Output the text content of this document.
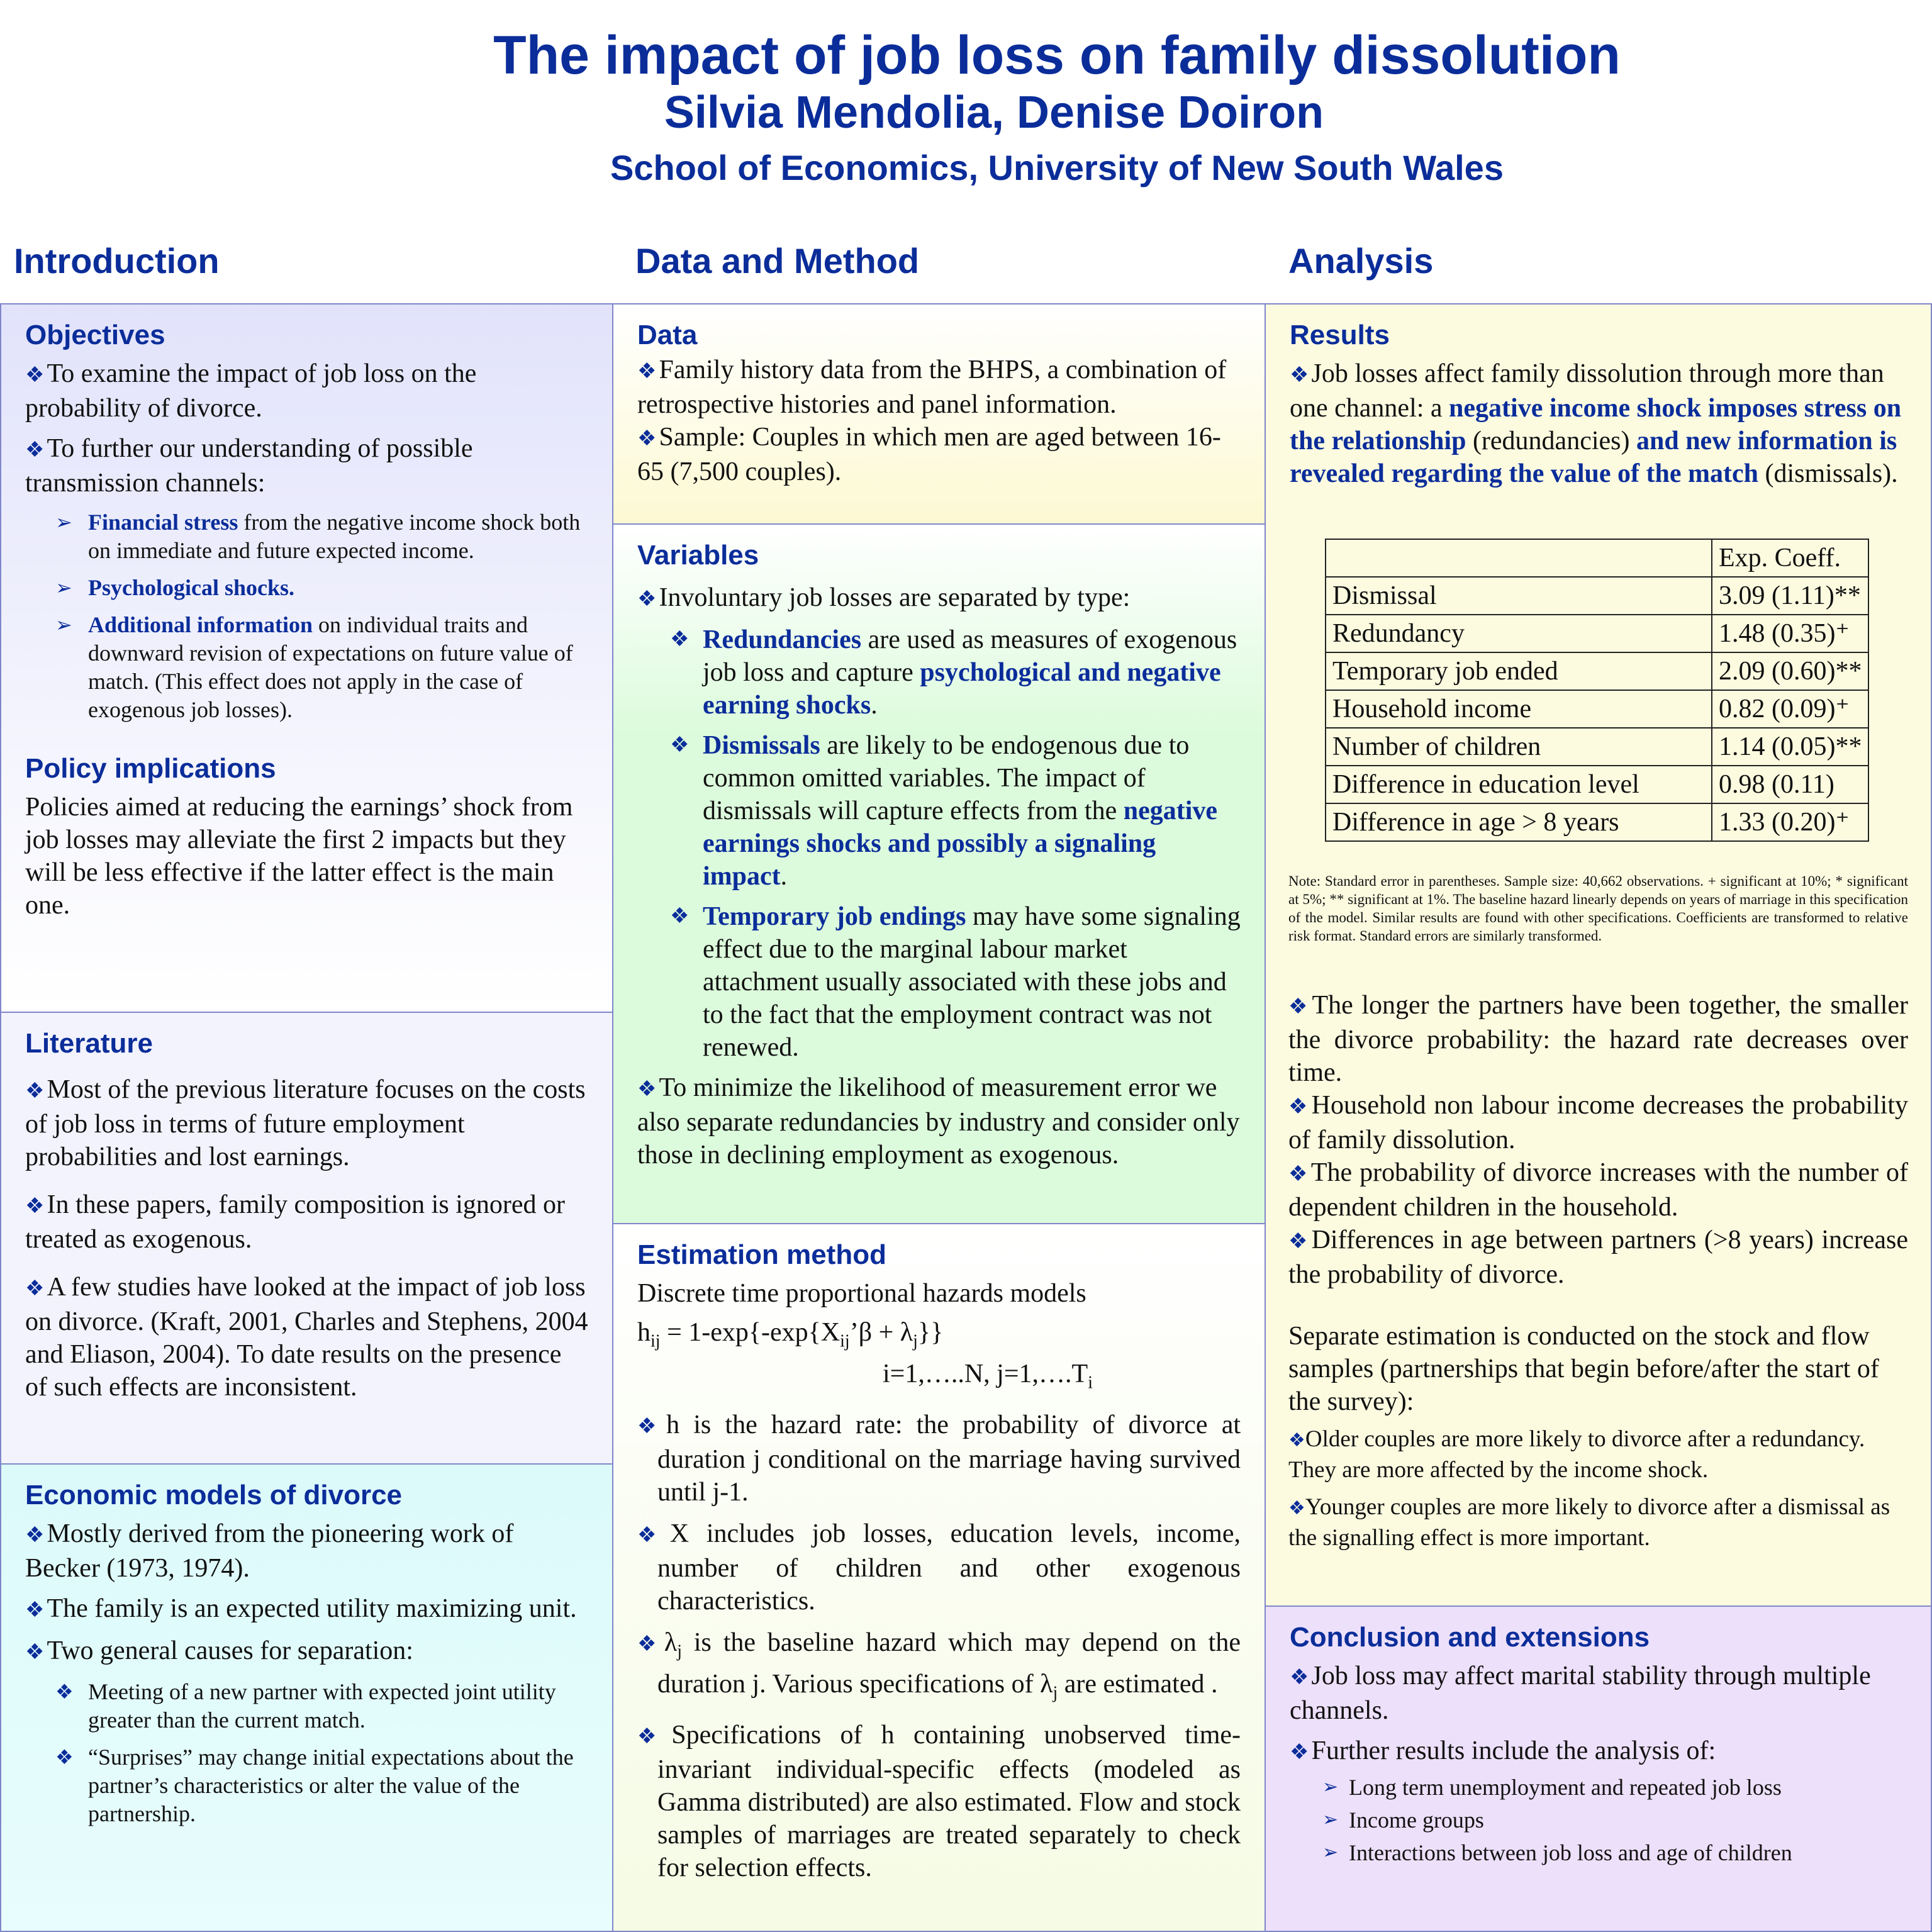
The impact of job loss on family dissolution
Silvia Mendolia, Denise Doiron
School of Economics, University of New South Wales
Introduction	Data and Method	Analysis
Objectives

❖To examine the impact of job loss on the probability of divorce.

❖To further our understanding of possible transmission channels:

➢ Financial stress from the negative income shock both on immediate and future expected income.

➢ Psychological shocks.

➢ Additional information on individual traits and downward revision of expectations on future value of match. (This effect does not apply in the case of exogenous job losses).

Policy implications

Policies aimed at reducing the earnings’ shock from job losses may alleviate the first 2 impacts but they will be less effective if the latter effect is the main one.

Literature

❖Most of the previous literature focuses on the costs of job loss in terms of future employment probabilities and lost earnings.

❖In these papers, family composition is ignored or treated as exogenous.

❖A few studies have looked at the impact of job loss on divorce. (Kraft, 2001, Charles and Stephens, 2004 and Eliason, 2004). To date results on the presence of such effects are inconsistent.

Economic models of divorce

❖Mostly derived from the pioneering work of Becker (1973, 1974).

❖The family is an expected utility maximizing unit.

❖Two general causes for separation:

❖ Meeting of a new partner with expected joint utility greater than the current match.

❖ “Surprises” may change initial expectations about the partner’s characteristics or alter the value of the partnership.

Data

❖Family history data from the BHPS, a combination of retrospective histories and panel information.

❖Sample: Couples in which men are aged between 16-65 (7,500 couples).

Variables

❖Involuntary job losses are separated by type:

❖ Redundancies are used as measures of exogenous job loss and capture psychological and negative earning shocks.

❖ Dismissals are likely to be endogenous due to common omitted variables. The impact of dismissals will capture effects from the negative earnings shocks and possibly a signaling impact.

❖ Temporary job endings may have some signaling effect due to the marginal labour market attachment usually associated with these jobs and to the fact that the employment contract was not renewed.

❖To minimize the likelihood of measurement error we also separate redundancies by industry and consider only those in declining employment as exogenous.

Estimation method

Discrete time proportional hazards models

$h_{ij}$ = $1-\exp\{-\exp\{X_{ij}’\beta + \lambda_j\}\}$

i=1,…..N, $j=1,\dots.T_i$

❖h is the hazard rate: the probability of divorce at duration j conditional on the marriage having survived until j-1.

❖X includes job losses, education levels, income, number of children and other exogenous characteristics.

$❖\lambda_j$ is the baseline hazard which may depend on the duration j. Various specifications of $\lambda_j$ are estimated .

❖Specifications of h containing unobserved time-invariant individual-specific effects (modeled as Gamma distributed) are also estimated. Flow and stock samples of marriages are treated separately to check for selection effects.

Results

❖Job losses affect family dissolution through more than one channel: a negative income shock imposes stress on the relationship (redundancies) and new information is revealed regarding the value of the match (dismissals).

	Exp. Coeff.
Dismissal	3.09 (1.11)**
Redundancy	1.48 (0.35)⁺
Temporary job ended	2.09 (0.60)**
Household income	0.82 (0.09)⁺
Number of children	1.14 (0.05)**
Difference in education level	0.98 (0.11)
Difference in age > 8 years	1.33 (0.20)⁺

Note: Standard error in parentheses. Sample size: 40,662 observations. + significant at 10%; * significant at 5%; ** significant at 1%. The baseline hazard linearly depends on years of marriage in this specification of the model. Similar results are found with other specifications. Coefficients are transformed to relative risk format. Standard errors are similarly transformed.

❖The longer the partners have been together, the smaller the divorce probability: the hazard rate decreases over time.

❖Household non labour income decreases the probability of family dissolution.

❖The probability of divorce increases with the number of dependent children in the household.

❖Differences in age between partners (>8 years) increase the probability of divorce.

Separate estimation is conducted on the stock and flow samples (partnerships that begin before/after the start of the survey):

❖Older couples are more likely to divorce after a redundancy. They are more affected by the income shock.

❖Younger couples are more likely to divorce after a dismissal as the signalling effect is more important.

Conclusion and extensions

❖Job loss may affect marital stability through multiple channels.

❖Further results include the analysis of:

➢ Long term unemployment and repeated job loss

➢ Income groups

➢ Interactions between job loss and age of children
